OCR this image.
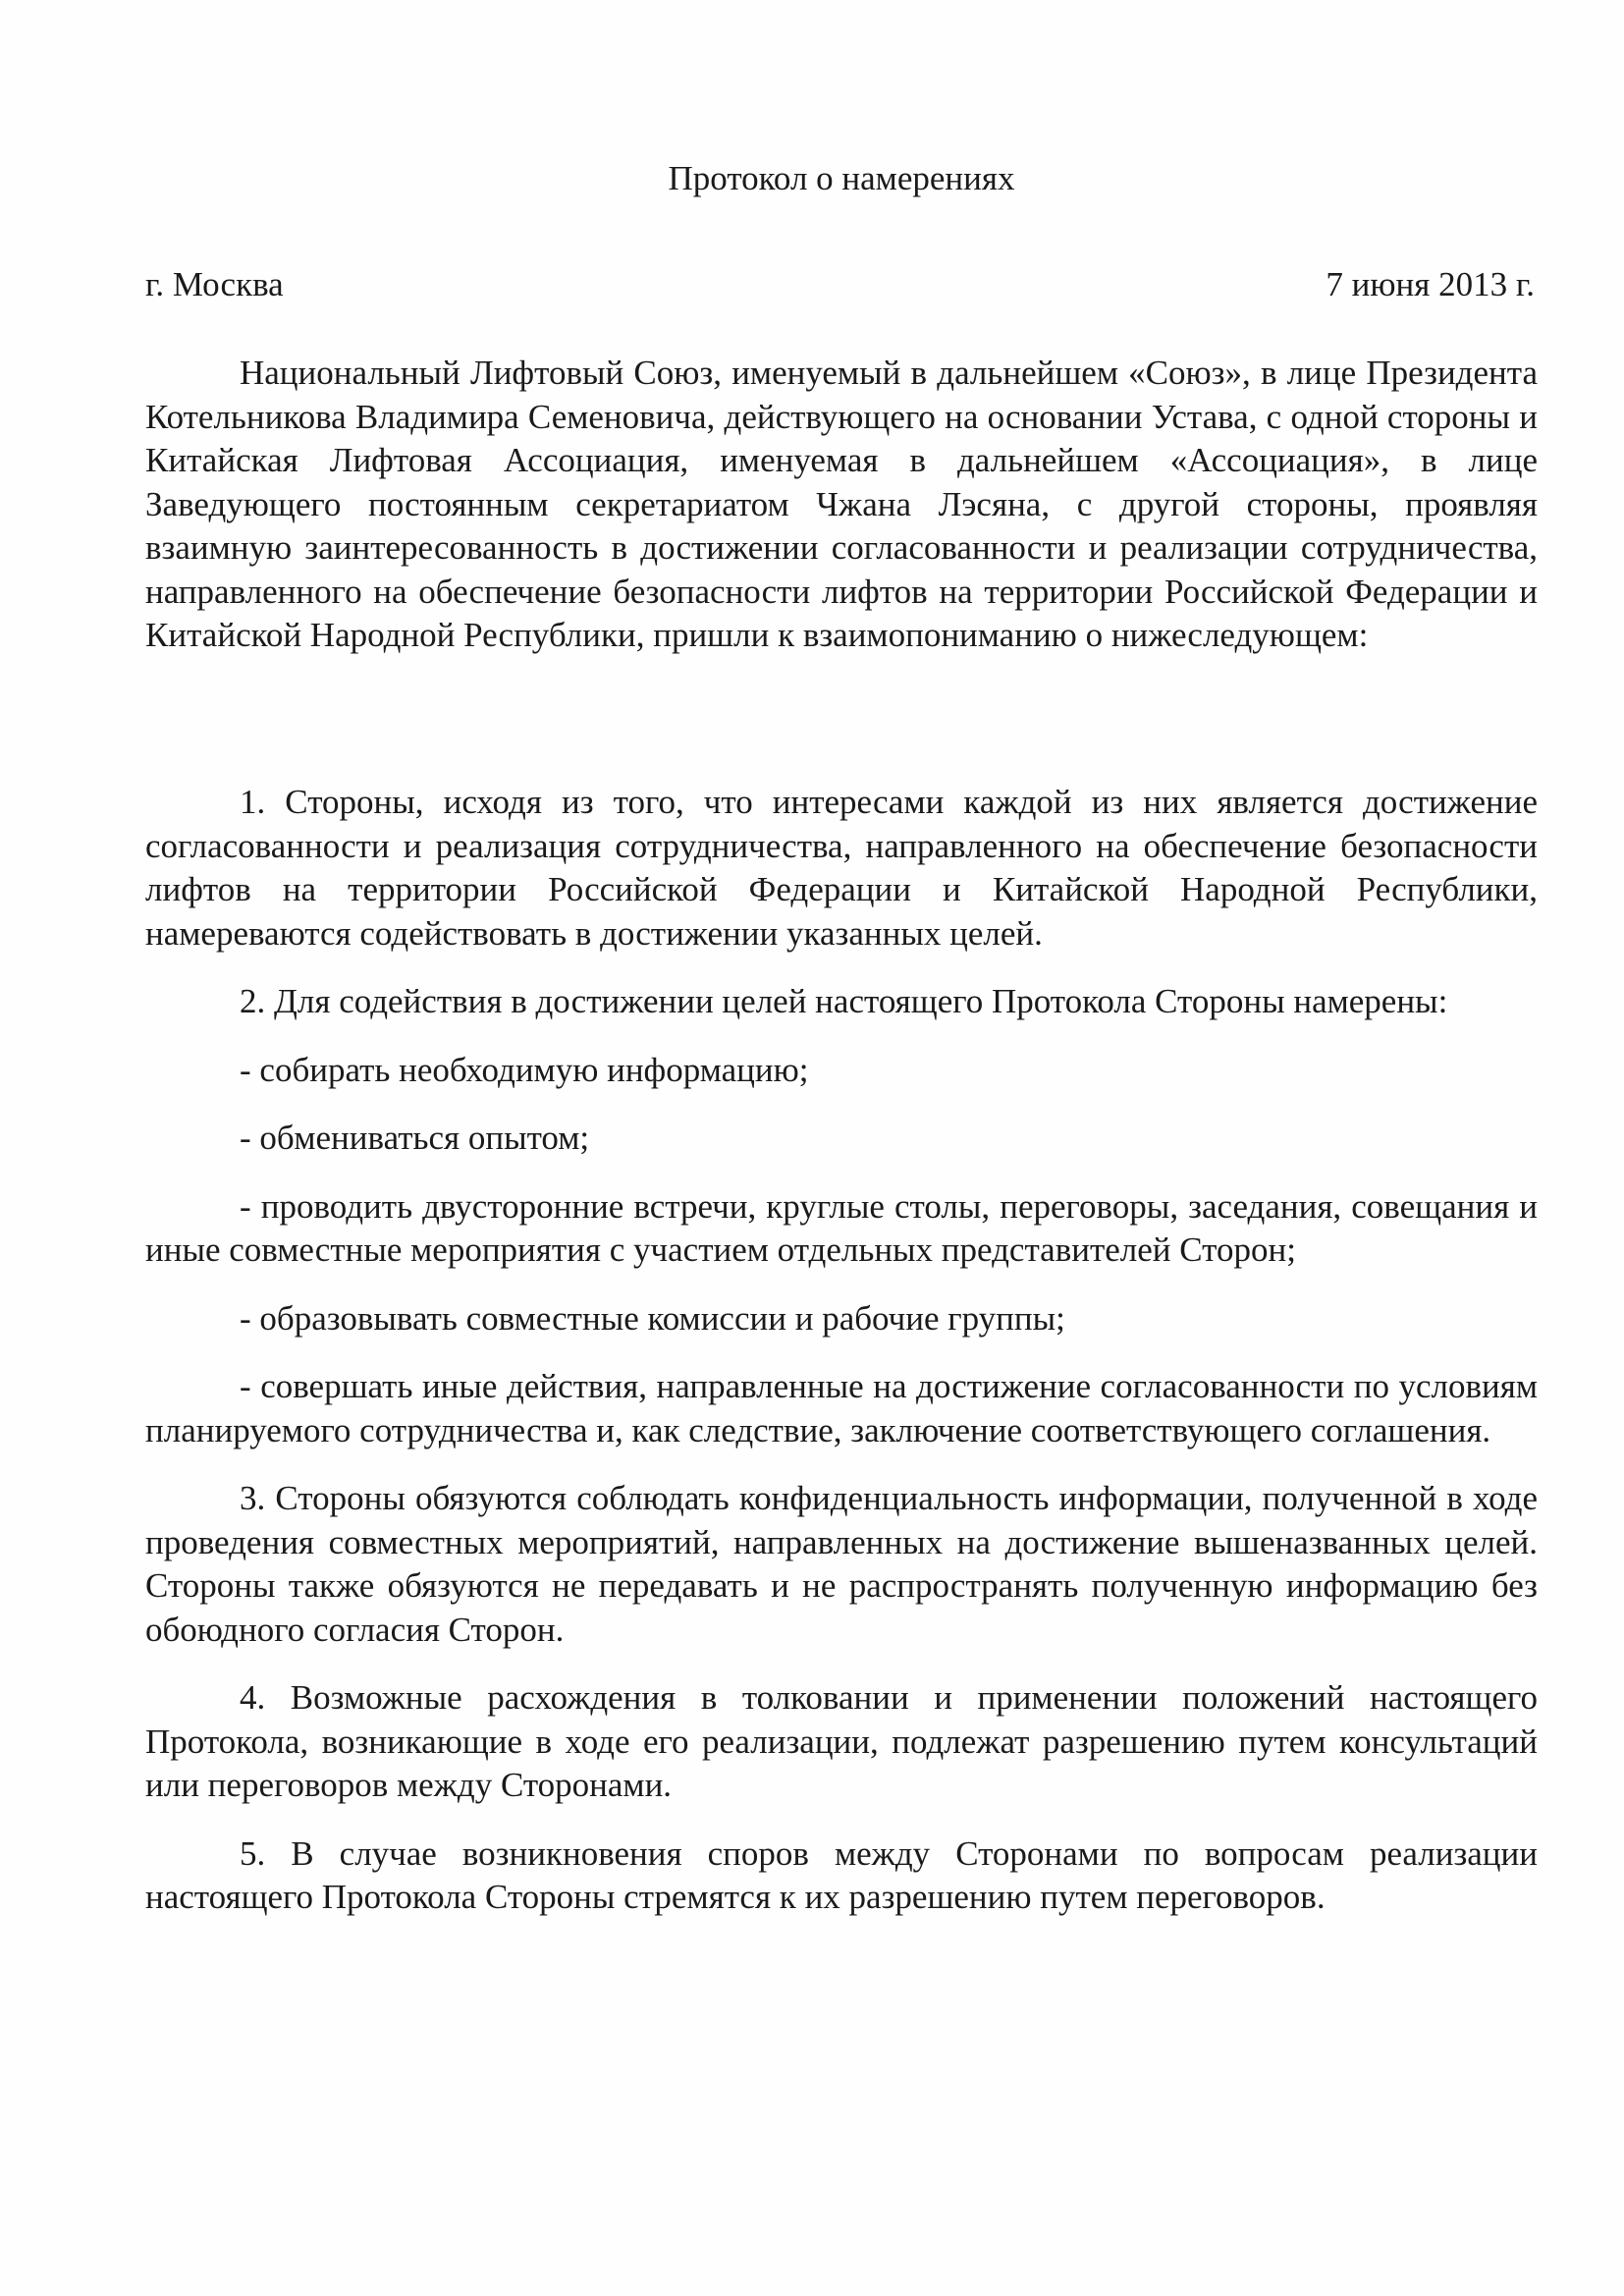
Протокол о намерениях
г. Москва	7 июня 2013 г.

Национальный Лифтовый Союз, именуемый в дальнейшем «Союз», в лице Президента Котельникова Владимира Семеновича, действующего на основании Устава, с одной стороны и Китайская Лифтовая Ассоциация, именуемая в дальнейшем «Ассоциация», в лице Заведующего постоянным секретариатом Чжана Лэсяна, с другой стороны, проявляя взаимную заинтересованность в достижении согласованности и реализации сотрудничества, направленного на обеспечение безопасности лифтов на территории Российской Федерации и Китайской Народной Республики, пришли к взаимопониманию о нижеследующем:

1. Стороны, исходя из того, что интересами каждой из них является достижение согласованности и реализация сотрудничества, направленного на обеспечение безопасности лифтов на территории Российской Федерации и Китайской Народной Республики, намереваются содействовать в достижении указанных целей.

2. Для содействия в достижении целей настоящего Протокола Стороны намерены:

- собирать необходимую информацию;

- обмениваться опытом;

- проводить двусторонние встречи, круглые столы, переговоры, заседания, совещания и иные совместные мероприятия с участием отдельных представителей Сторон;

- образовывать совместные комиссии и рабочие группы;

- совершать иные действия, направленные на достижение согласованности по условиям планируемого сотрудничества и, как следствие, заключение соответствующего соглашения.

3. Стороны обязуются соблюдать конфиденциальность информации, полученной в ходе проведения совместных мероприятий, направленных на достижение вышеназванных целей. Стороны также обязуются не передавать и не распространять полученную информацию без обоюдного согласия Сторон.

4. Возможные расхождения в толковании и применении положений настоящего Протокола, возникающие в ходе его реализации, подлежат разрешению путем консультаций или переговоров между Сторонами.

5. В случае возникновения споров между Сторонами по вопросам реализации настоящего Протокола Стороны стремятся к их разрешению путем переговоров.
